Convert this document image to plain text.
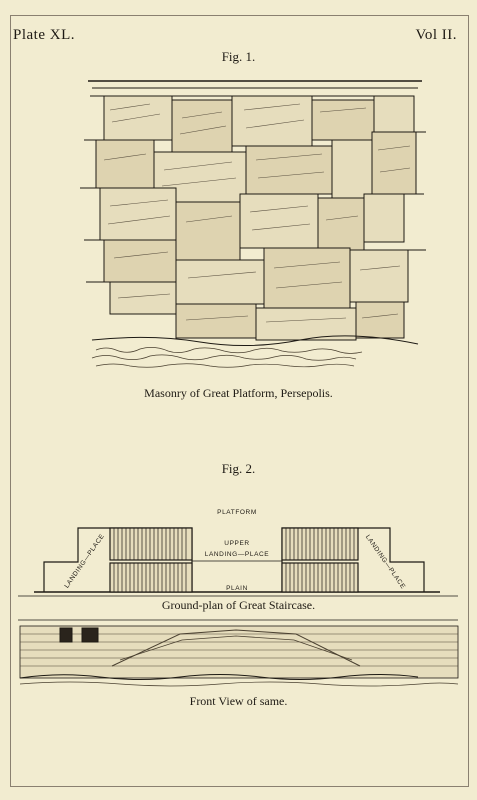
Plate XL.	Vol II.
Fig. 1.
PLATFORM
UPPER
LANDING—PLACE
PLAIN
LANDING—PLACE	LANDING—PLACE
Masonry of Great Platform, Persepolis.
Fig. 2.
Ground-plan of Great Staircase.
Front View of same.
